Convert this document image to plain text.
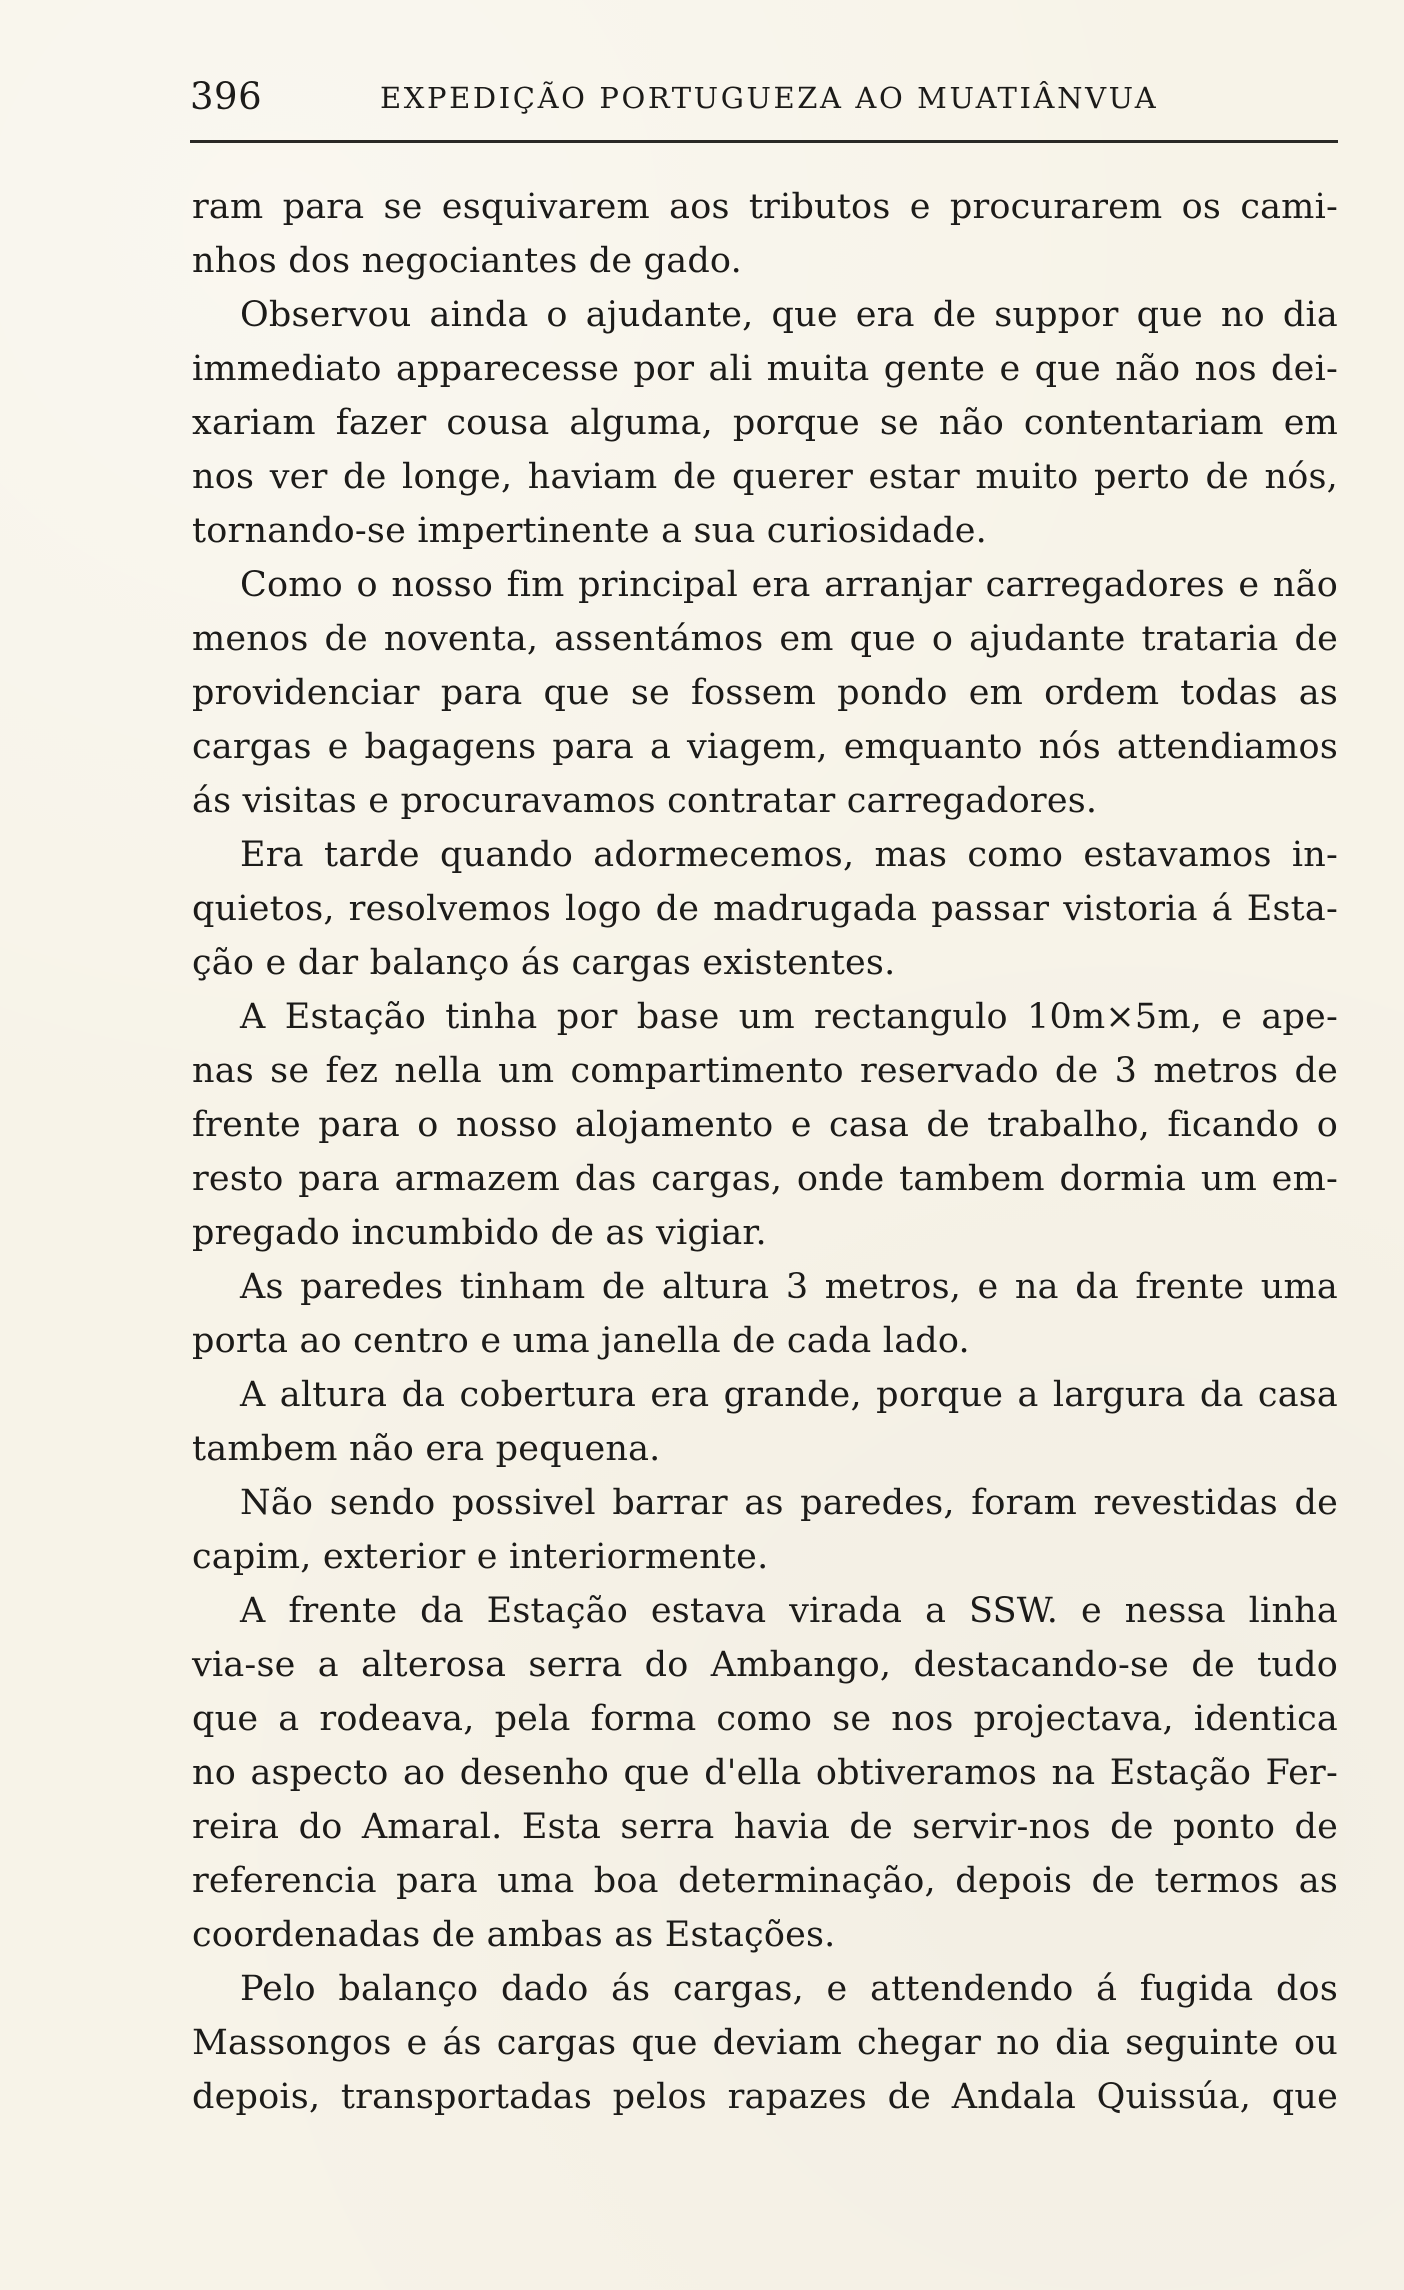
396	EXPEDIÇÃO PORTUGUEZA AO MUATIÂNVUA
ram para se esquivarem aos tributos e procurarem os cami-
nhos dos negociantes de gado.
Observou ainda o ajudante, que era de suppor que no dia
immediato apparecesse por ali muita gente e que não nos dei-
xariam fazer cousa alguma, porque se não contentariam em
nos ver de longe, haviam de querer estar muito perto de nós,
tornando-se impertinente a sua curiosidade.
Como o nosso fim principal era arranjar carregadores e não
menos de noventa, assentámos em que o ajudante trataria de
providenciar para que se fossem pondo em ordem todas as
cargas e bagagens para a viagem, emquanto nós attendiamos
ás visitas e procuravamos contratar carregadores.
Era tarde quando adormecemos, mas como estavamos in-
quietos, resolvemos logo de madrugada passar vistoria á Esta-
ção e dar balanço ás cargas existentes.
A Estação tinha por base um rectangulo 10m×5m, e ape-
nas se fez nella um compartimento reservado de 3 metros de
frente para o nosso alojamento e casa de trabalho, ficando o
resto para armazem das cargas, onde tambem dormia um em-
pregado incumbido de as vigiar.
As paredes tinham de altura 3 metros, e na da frente uma
porta ao centro e uma janella de cada lado.
A altura da cobertura era grande, porque a largura da casa
tambem não era pequena.
Não sendo possivel barrar as paredes, foram revestidas de
capim, exterior e interiormente.
A frente da Estação estava virada a SSW. e nessa linha
via-se a alterosa serra do Ambango, destacando-se de tudo
que a rodeava, pela forma como se nos projectava, identica
no aspecto ao desenho que d'ella obtiveramos na Estação Fer-
reira do Amaral. Esta serra havia de servir-nos de ponto de
referencia para uma boa determinação, depois de termos as
coordenadas de ambas as Estações.
Pelo balanço dado ás cargas, e attendendo á fugida dos
Massongos e ás cargas que deviam chegar no dia seguinte ou
depois, transportadas pelos rapazes de Andala Quissúa, que
